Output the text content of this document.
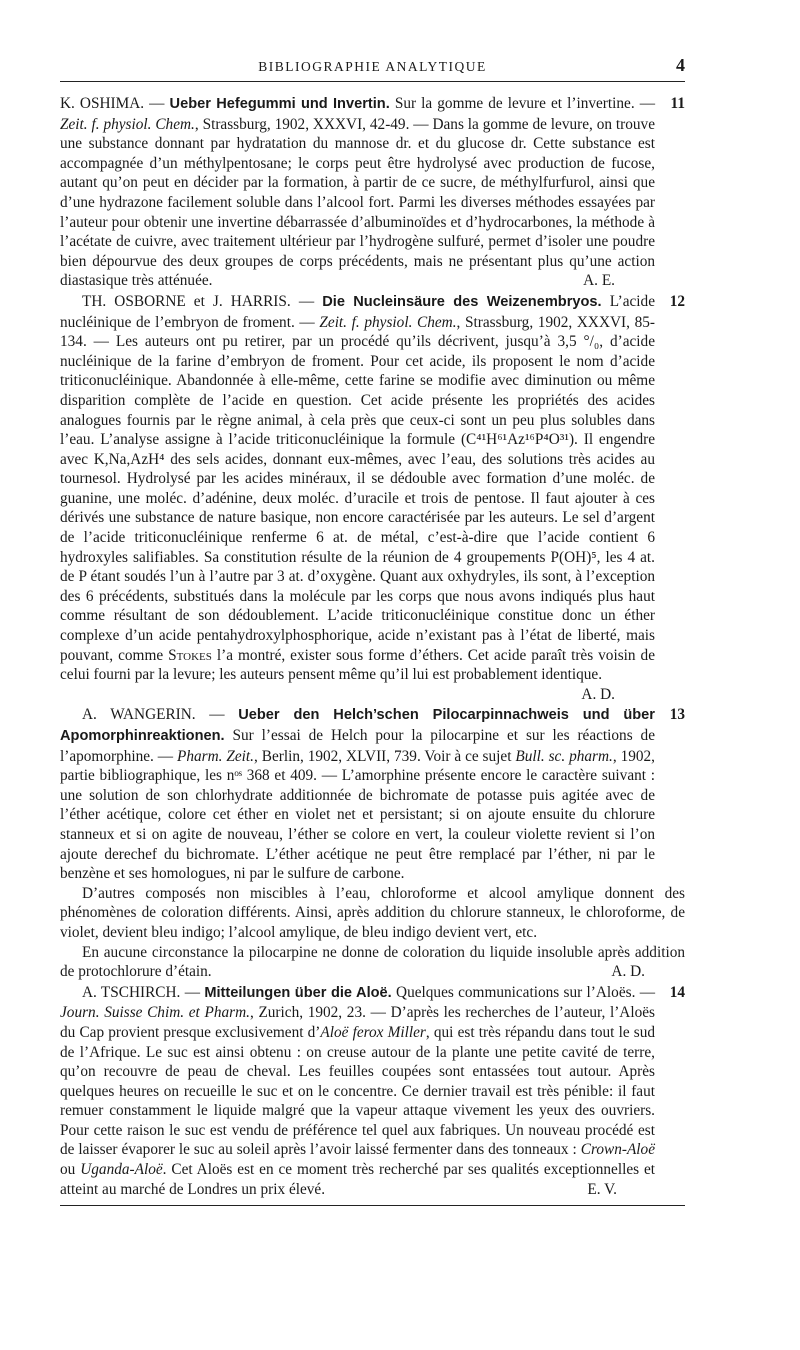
BIBLIOGRAPHIE ANALYTIQUE	4
11

K. OSHIMA. — Ueber Hefegummi und Invertin. Sur la gomme de levure et l’invertine. — Zeit. f. physiol. Chem., Strassburg, 1902, XXXVI, 42-49. — Dans la gomme de levure, on trouve une substance donnant par hydratation du mannose dr. et du glucose dr. Cette substance est accompagnée d’un méthylpentosane; le corps peut être hydrolysé avec production de fucose, autant qu’on peut en décider par la formation, à partir de ce sucre, de méthylfurfurol, ainsi que d’une hydrazone facilement soluble dans l’alcool fort. Parmi les diverses méthodes essayées par l’auteur pour obtenir une invertine débarrassée d’albuminoïdes et d’hydrocarbones, la méthode à l’acétate de cuivre, avec traitement ultérieur par l’hydrogène sulfuré, permet d’isoler une poudre bien dépourvue des deux groupes de corps précédents, mais ne présentant plus qu’une action diastasique très atténuée.	A. E.

12

TH. OSBORNE et J. HARRIS. — Die Nucleinsäure des Weizenembryos. L’acide nucléinique de l’embryon de froment. — Zeit. f. physiol. Chem., Strassburg, 1902, XXXVI, 85-134. — Les auteurs ont pu retirer, par un procédé qu’ils décrivent, jusqu’à 3,5 °/₀, d’acide nucléinique de la farine d’embryon de froment. Pour cet acide, ils proposent le nom d’acide triticonucléinique. Abandonnée à elle-même, cette farine se modifie avec diminution ou même disparition complète de l’acide en question. Cet acide présente les propriétés des acides analogues fournis par le règne animal, à cela près que ceux-ci sont un peu plus solubles dans l’eau. L’analyse assigne à l’acide triticonucléinique la formule (C⁴¹H⁶¹Az¹⁶P⁴O³¹). Il engendre avec K,Na,AzH⁴ des sels acides, donnant eux-mêmes, avec l’eau, des solutions très acides au tournesol. Hydrolysé par les acides minéraux, il se dédouble avec formation d’une moléc. de guanine, une moléc. d’adénine, deux moléc. d’uracile et trois de pentose. Il faut ajouter à ces dérivés une substance de nature basique, non encore caractérisée par les auteurs. Le sel d’argent de l’acide triticonucléinique renferme 6 at. de métal, c’est-à-dire que l’acide contient 6 hydroxyles salifiables. Sa constitution résulte de la réunion de 4 groupements P(OH)⁵, les 4 at. de P étant soudés l’un à l’autre par 3 at. d’oxygène. Quant aux oxhydryles, ils sont, à l’exception des 6 précédents, substitués dans la molécule par les corps que nous avons indiqués plus haut comme résultant de son dédoublement. L’acide triticonucléinique constitue donc un éther complexe d’un acide pentahydroxylphosphorique, acide n’existant pas à l’état de liberté, mais pouvant, comme Stokes l’a montré, exister sous forme d’éthers. Cet acide paraît très voisin de celui fourni par la levure; les auteurs pensent même qu’il lui est probablement identique.
A. D.

13

A. WANGERIN. — Ueber den Helch’schen Pilocarpinnachweis und über Apomorphinreaktionen. Sur l’essai de Helch pour la pilocarpine et sur les réactions de l’apomorphine. — Pharm. Zeit., Berlin, 1902, XLVII, 739. Voir à ce sujet Bull. sc. pharm., 1902, partie bibliographique, les nᵒˢ 368 et 409. — L’amorphine présente encore le caractère suivant : une solution de son chlorhydrate additionnée de bichromate de potasse puis agitée avec de l’éther acétique, colore cet éther en violet net et persistant; si on ajoute ensuite du chlorure stanneux et si on agite de nouveau, l’éther se colore en vert, la couleur violette revient si l’on ajoute derechef du bichromate. L’éther acétique ne peut être remplacé par l’éther, ni par le benzène et ses homologues, ni par le sulfure de carbone.

D’autres composés non miscibles à l’eau, chloroforme et alcool amylique donnent des phénomènes de coloration différents. Ainsi, après addition du chlorure stanneux, le chloroforme, de violet, devient bleu indigo; l’alcool amylique, de bleu indigo devient vert, etc.

En aucune circonstance la pilocarpine ne donne de coloration du liquide insoluble après addition de protochlorure d’étain.	A. D.

14

A. TSCHIRCH. — Mitteilungen über die Aloë. Quelques communications sur l’Aloës. — Journ. Suisse Chim. et Pharm., Zurich, 1902, 23. — D’après les recherches de l’auteur, l’Aloës du Cap provient presque exclusivement d’Aloë ferox Miller, qui est très répandu dans tout le sud de l’Afrique. Le suc est ainsi obtenu : on creuse autour de la plante une petite cavité de terre, qu’on recouvre de peau de cheval. Les feuilles coupées sont entassées tout autour. Après quelques heures on recueille le suc et on le concentre. Ce dernier travail est très pénible: il faut remuer constamment le liquide malgré que la vapeur attaque vivement les yeux des ouvriers. Pour cette raison le suc est vendu de préférence tel quel aux fabriques. Un nouveau procédé est de laisser évaporer le suc au soleil après l’avoir laissé fermenter dans des tonneaux : Crown-Aloë ou Uganda-Aloë. Cet Aloës est en ce moment très recherché par ses qualités exceptionnelles et atteint au marché de Londres un prix élevé.	E. V.
